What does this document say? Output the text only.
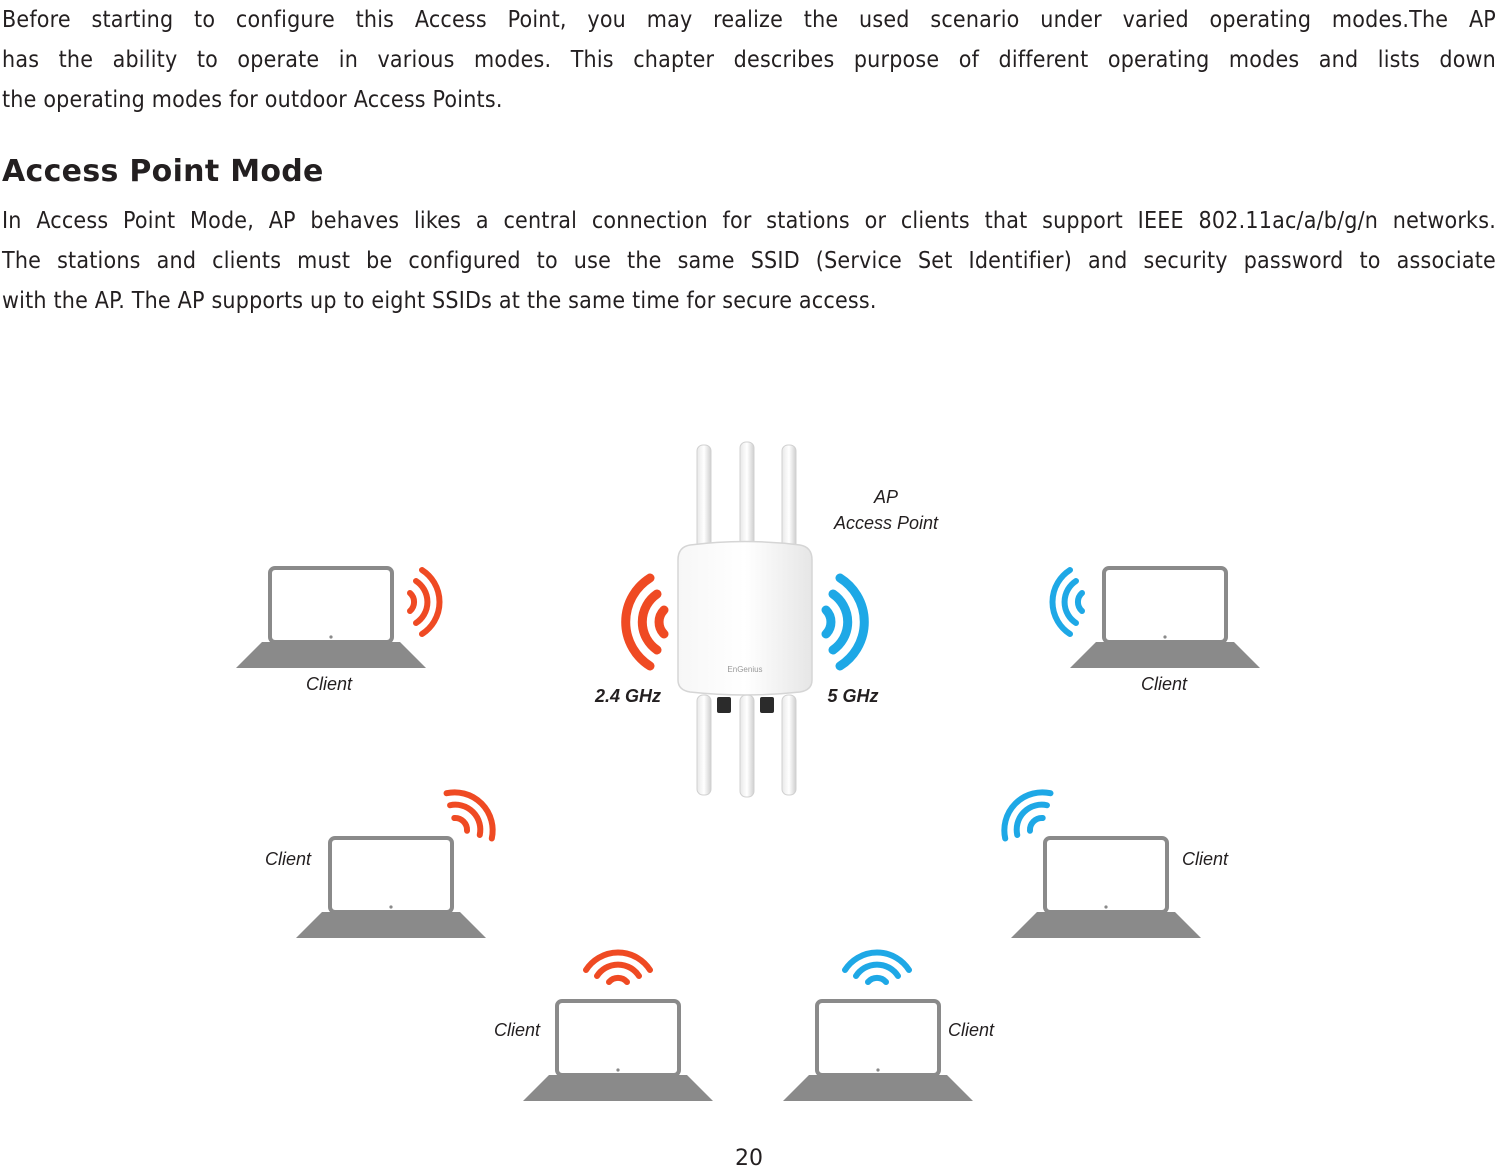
Before starting to configure this Access Point, you may realize the used scenario under varied operating modes.The AP
has the ability to operate in various modes. This chapter describes purpose of different operating modes and lists down
the operating modes for outdoor Access Points.
Access Point Mode
In Access Point Mode, AP behaves likes a central connection for stations or clients that support IEEE 802.11ac/a/b/g/n networks.
The stations and clients must be configured to use the same SSID (Service Set Identifier) and security password to associate
with the AP. The AP supports up to eight SSIDs at the same time for secure access.
EnGenius
AP
Access Point
2.4 GHz	5 GHz
Client	Client
Client	Client
Client	Client
20
